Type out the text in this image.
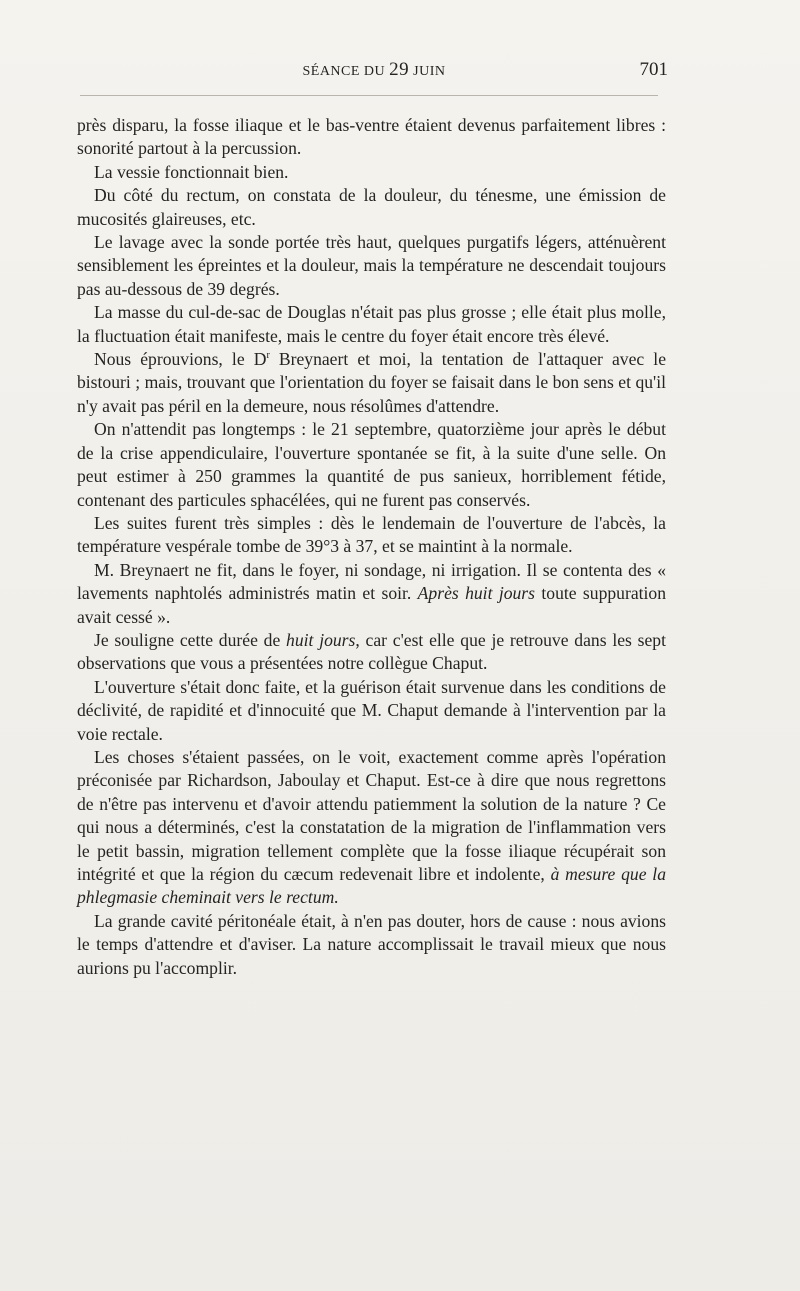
SÉANCE DU 29 JUIN	701

près disparu, la fosse iliaque et le bas-ventre étaient devenus parfaitement libres : sonorité partout à la percussion.

La vessie fonctionnait bien.

Du côté du rectum, on constata de la douleur, du ténesme, une émission de mucosités glaireuses, etc.

Le lavage avec la sonde portée très haut, quelques purgatifs légers, atténuèrent sensiblement les épreintes et la douleur, mais la température ne descendait toujours pas au-dessous de 39 degrés.

La masse du cul-de-sac de Douglas n'était pas plus grosse ; elle était plus molle, la fluctuation était manifeste, mais le centre du foyer était encore très élevé.

Nous éprouvions, le $D^r$ Breynaert et moi, la tentation de l'attaquer avec le bistouri ; mais, trouvant que l'orientation du foyer se faisait dans le bon sens et qu'il n'y avait pas péril en la demeure, nous résolûmes d'attendre.

On n'attendit pas longtemps : le 21 septembre, quatorzième jour après le début de la crise appendiculaire, l'ouverture spontanée se fit, à la suite d'une selle. On peut estimer à 250 grammes la quantité de pus sanieux, horriblement fétide, contenant des particules sphacélées, qui ne furent pas conservés.

Les suites furent très simples : dès le lendemain de l'ouverture de l'abcès, la température vespérale tombe de 39°3 à 37, et se maintint à la normale.

M. Breynaert ne fit, dans le foyer, ni sondage, ni irrigation. Il se contenta des « lavements naphtolés administrés matin et soir. Après huit jours toute suppuration avait cessé ».

Je souligne cette durée de huit jours, car c'est elle que je retrouve dans les sept observations que vous a présentées notre collègue Chaput.

L'ouverture s'était donc faite, et la guérison était survenue dans les conditions de déclivité, de rapidité et d'innocuité que M. Chaput demande à l'intervention par la voie rectale.

Les choses s'étaient passées, on le voit, exactement comme après l'opération préconisée par Richardson, Jaboulay et Chaput. Est-ce à dire que nous regrettons de n'être pas intervenu et d'avoir attendu patiemment la solution de la nature ? Ce qui nous a déterminés, c'est la constatation de la migration de l'inflammation vers le petit bassin, migration tellement complète que la fosse iliaque récupérait son intégrité et que la région du cæcum redevenait libre et indolente, à mesure que la phlegmasie cheminait vers le rectum.

La grande cavité péritonéale était, à n'en pas douter, hors de cause : nous avions le temps d'attendre et d'aviser. La nature accomplissait le travail mieux que nous aurions pu l'accomplir.
